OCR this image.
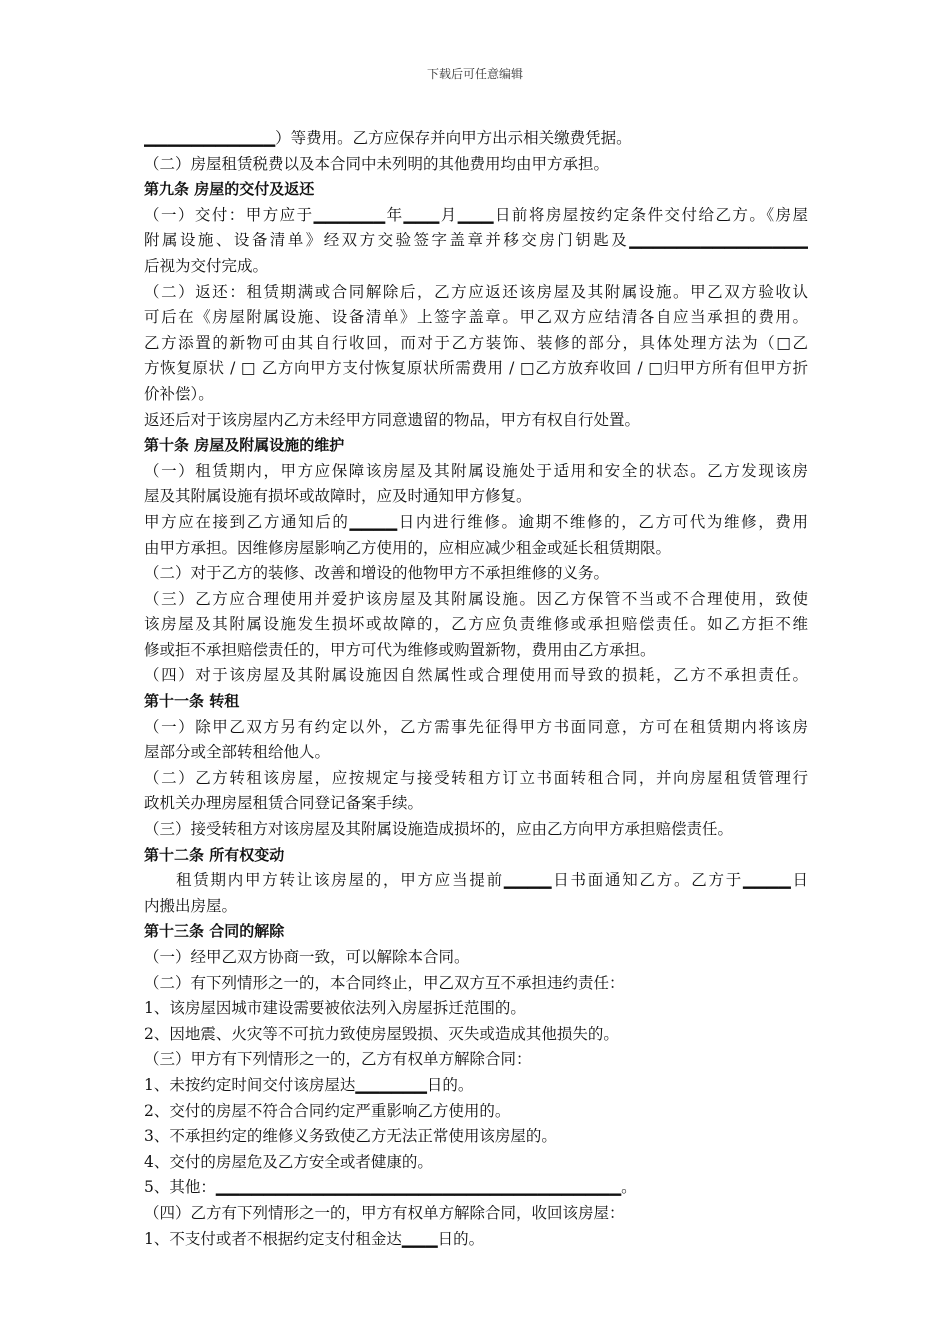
下载后可任意编辑
▁▁▁▁▁▁▁▁▁▁▁）等费用。乙方应保存并向甲方出示相关缴费凭据。
（二）房屋租赁税费以及本合同中未列明的其他费用均由甲方承担。
第九条 房屋的交付及返还
（一）交付：甲方应于▁▁▁▁▁▁年▁▁▁月▁▁▁日前将房屋按约定条件交付给乙方。《房屋
附属设施、设备清单》经双方交验签字盖章并移交房门钥匙及▁▁▁▁▁▁▁▁▁▁▁▁▁▁▁
后视为交付完成。
（二）返还：租赁期满或合同解除后，乙方应返还该房屋及其附属设施。甲乙双方验收认
可后在《房屋附属设施、设备清单》上签字盖章。甲乙双方应结清各自应当承担的费用。
乙方添置的新物可由其自行收回，而对于乙方装饰、装修的部分，具体处理方法为（□乙
方恢复原状 / □ 乙方向甲方支付恢复原状所需费用 / □乙方放弃收回 / □归甲方所有但甲方折
价补偿）。
返还后对于该房屋内乙方未经甲方同意遗留的物品，甲方有权自行处置。
第十条 房屋及附属设施的维护
（一）租赁期内，甲方应保障该房屋及其附属设施处于适用和安全的状态。乙方发现该房
屋及其附属设施有损坏或故障时，应及时通知甲方修复。
甲方应在接到乙方通知后的▁▁▁▁日内进行维修。逾期不维修的，乙方可代为维修，费用
由甲方承担。因维修房屋影响乙方使用的，应相应减少租金或延长租赁期限。
（二）对于乙方的装修、改善和增设的他物甲方不承担维修的义务。
（三）乙方应合理使用并爱护该房屋及其附属设施。因乙方保管不当或不合理使用，致使
该房屋及其附属设施发生损坏或故障的，乙方应负责维修或承担赔偿责任。如乙方拒不维
修或拒不承担赔偿责任的，甲方可代为维修或购置新物，费用由乙方承担。
（四）对于该房屋及其附属设施因自然属性或合理使用而导致的损耗，乙方不承担责任。
第十一条 转租
（一）除甲乙双方另有约定以外，乙方需事先征得甲方书面同意，方可在租赁期内将该房
屋部分或全部转租给他人。
（二）乙方转租该房屋，应按规定与接受转租方订立书面转租合同，并向房屋租赁管理行
政机关办理房屋租赁合同登记备案手续。
（三）接受转租方对该房屋及其附属设施造成损坏的，应由乙方向甲方承担赔偿责任。
第十二条 所有权变动
租赁期内甲方转让该房屋的，甲方应当提前▁▁▁▁日书面通知乙方。乙方于▁▁▁▁日
内搬出房屋。
第十三条 合同的解除
（一）经甲乙双方协商一致，可以解除本合同。
（二）有下列情形之一的，本合同终止，甲乙双方互不承担违约责任：
1、该房屋因城市建设需要被依法列入房屋拆迁范围的。
2、因地震、火灾等不可抗力致使房屋毁损、灭失或造成其他损失的。
（三）甲方有下列情形之一的，乙方有权单方解除合同：
1、未按约定时间交付该房屋达▁▁▁▁▁▁日的。
2、交付的房屋不符合合同约定严重影响乙方使用的。
3、不承担约定的维修义务致使乙方无法正常使用该房屋的。
4、交付的房屋危及乙方安全或者健康的。
5、其他：▁▁▁▁▁▁▁▁▁▁▁▁▁▁▁▁▁▁▁▁▁▁▁▁▁▁▁▁▁▁▁▁▁▁。
（四）乙方有下列情形之一的，甲方有权单方解除合同，收回该房屋：
1、不支付或者不根据约定支付租金达▁▁▁日的。
